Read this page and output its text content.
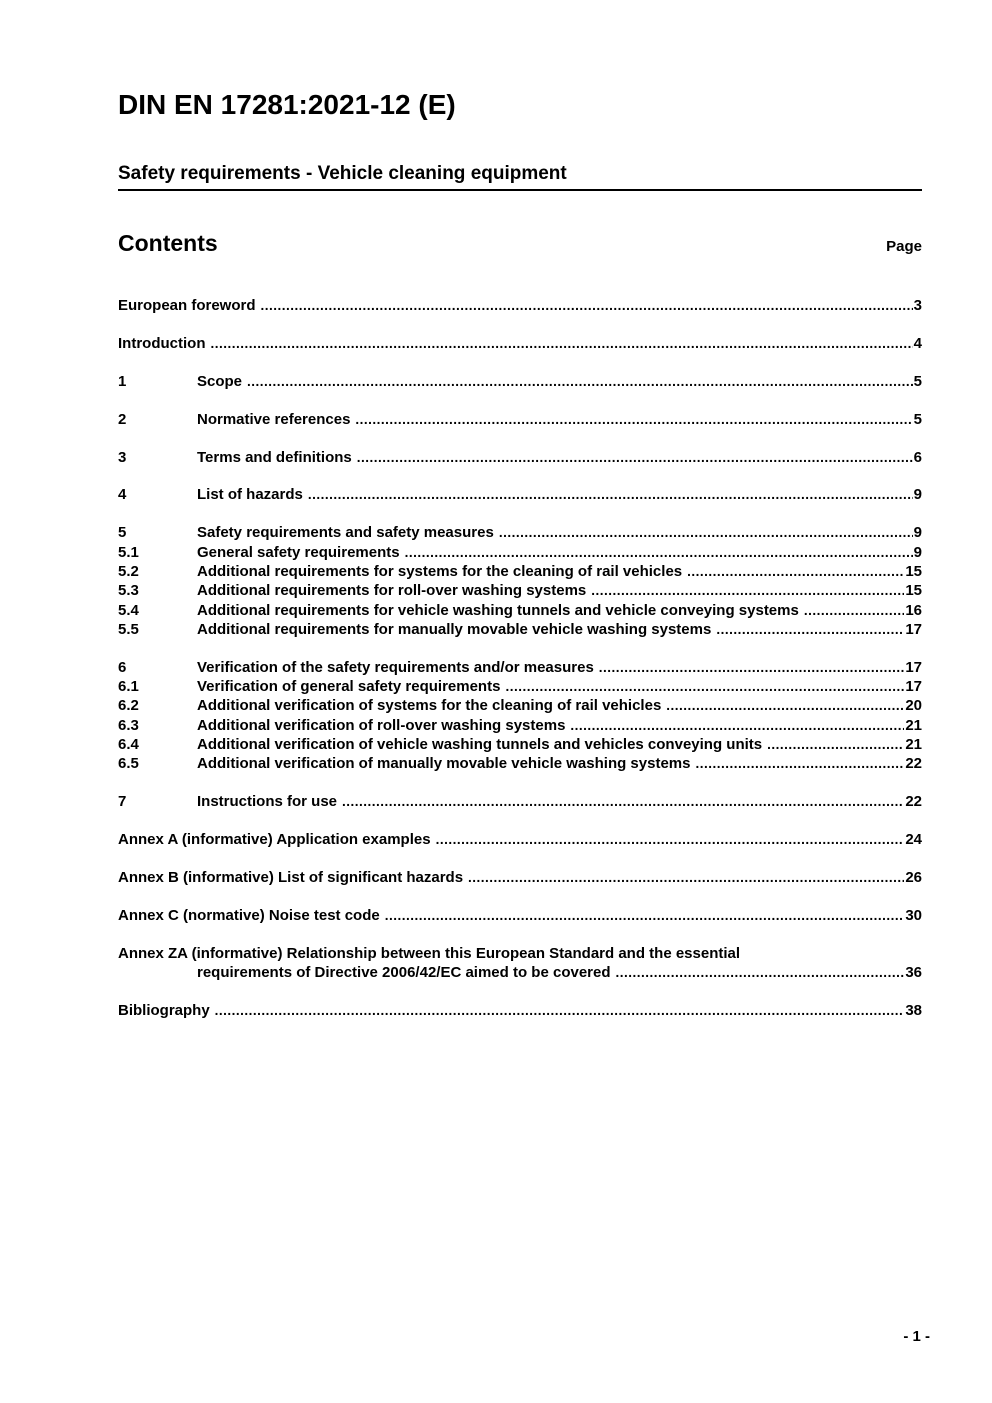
DIN EN 17281:2021-12 (E)
Safety requirements - Vehicle cleaning equipment
Contents	Page
European foreword .....	3
Introduction .....	4
1	Scope .....	5
2	Normative references .....	5
3	Terms and definitions .....	6
4	List of hazards .....	9
5	Safety requirements and safety measures .....	9
5.1	General safety requirements .....	9
5.2	Additional requirements for systems for the cleaning of rail vehicles .....	15
5.3	Additional requirements for roll-over washing systems .....	15
5.4	Additional requirements for vehicle washing tunnels and vehicle conveying systems .....	16
5.5	Additional requirements for manually movable vehicle washing systems .....	17
6	Verification of the safety requirements and/or measures .....	17
6.1	Verification of general safety requirements .....	17
6.2	Additional verification of systems for the cleaning of rail vehicles .....	20
6.3	Additional verification of roll-over washing systems .....	21
6.4	Additional verification of vehicle washing tunnels and vehicles conveying units .....	21
6.5	Additional verification of manually movable vehicle washing systems .....	22
7	Instructions for use .....	22
Annex A (informative) Application examples .....	24
Annex B (informative) List of significant hazards .....	26
Annex C (normative) Noise test code .....	30
Annex ZA (informative) Relationship between this European Standard and the essential
requirements of Directive 2006/42/EC aimed to be covered .....	36
Bibliography .....	38
- 1 -
